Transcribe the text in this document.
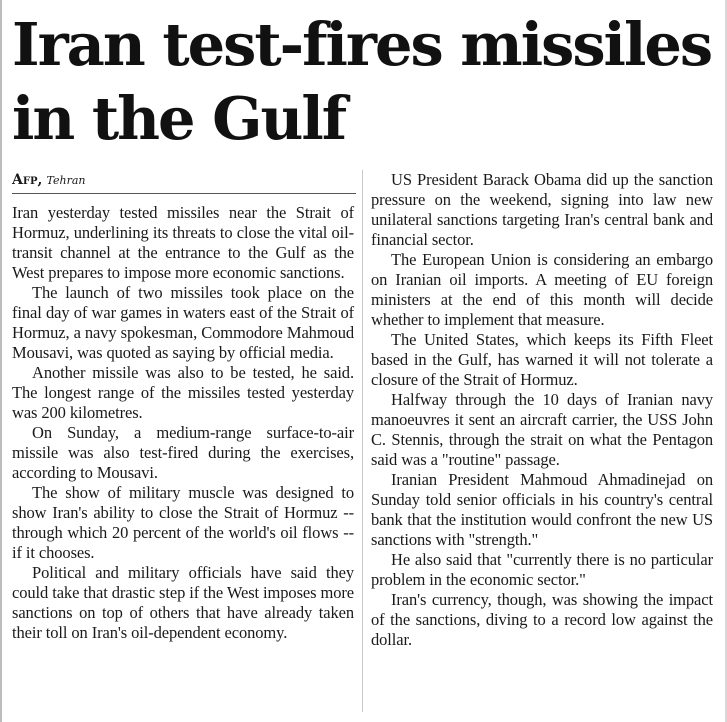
Iran test-fires missiles
in the Gulf
Afp, Tehran

Iran yesterday tested missiles near the Strait of Hormuz, underlining its threats to close the vital oil-transit channel at the entrance to the Gulf as the West prepares to impose more economic sanctions.

The launch of two missiles took place on the final day of war games in waters east of the Strait of Hormuz, a navy spokesman, Commodore Mahmoud Mousavi, was quoted as saying by official media.

Another missile was also to be tested, he said. The longest range of the missiles tested yesterday was 200 kilometres.

On Sunday, a medium-range surface-to-air missile was also test-fired during the exercises, according to Mousavi.

The show of military muscle was designed to show Iran's ability to close the Strait of Hormuz -- through which 20 percent of the world's oil flows -- if it chooses.

Political and military officials have said they could take that drastic step if the West imposes more sanctions on top of others that have already taken their toll on Iran's oil-dependent economy.

US President Barack Obama did up the sanction pressure on the weekend, signing into law new unilateral sanctions targeting Iran's central bank and financial sector.

The European Union is considering an embargo on Iranian oil imports. A meeting of EU foreign ministers at the end of this month will decide whether to implement that measure.

The United States, which keeps its Fifth Fleet based in the Gulf, has warned it will not tolerate a closure of the Strait of Hormuz.

Halfway through the 10 days of Iranian navy manoeuvres it sent an aircraft carrier, the USS John C. Stennis, through the strait on what the Pentagon said was a "routine" passage.

Iranian President Mahmoud Ahmadinejad on Sunday told senior officials in his country's central bank that the institution would confront the new US sanctions with "strength."

He also said that "currently there is no particular problem in the economic sector."

Iran's currency, though, was showing the impact of the sanctions, diving to a record low against the dollar.
